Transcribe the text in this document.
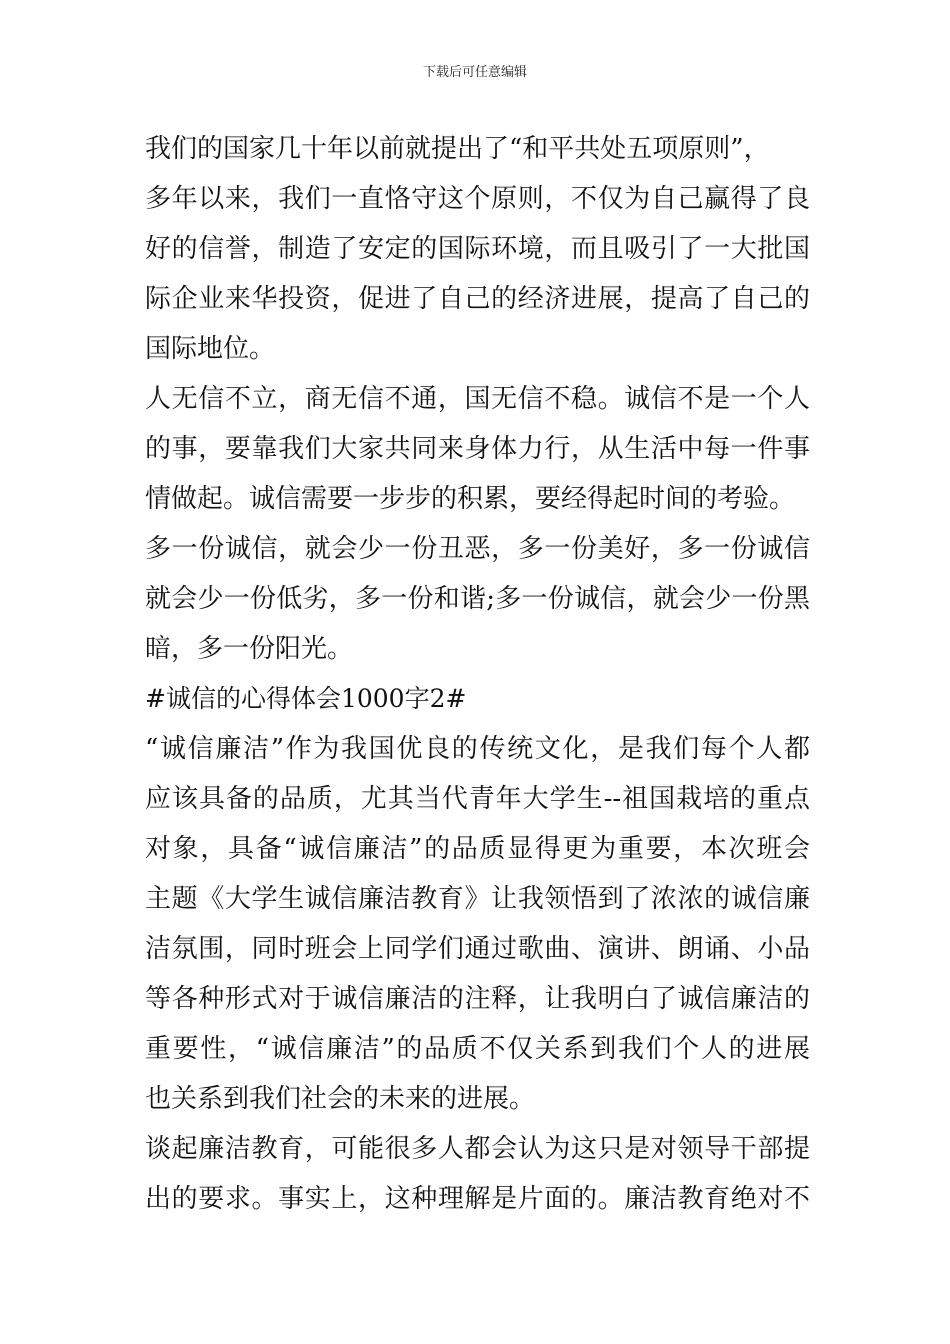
下载后可任意编辑
我们的国家几十年以前就提出了“和平共处五项原则”，
多年以来，我们一直恪守这个原则，不仅为自己赢得了良
好的信誉，制造了安定的国际环境，而且吸引了一大批国
际企业来华投资，促进了自己的经济进展，提高了自己的
国际地位。
人无信不立，商无信不通，国无信不稳。诚信不是一个人
的事，要靠我们大家共同来身体力行，从生活中每一件事
情做起。诚信需要一步步的积累，要经得起时间的考验。
多一份诚信，就会少一份丑恶，多一份美好，多一份诚信
就会少一份低劣，多一份和谐;多一份诚信，就会少一份黑
暗，多一份阳光。
#诚信的心得体会1000字2#
“诚信廉洁”作为我国优良的传统文化，是我们每个人都
应该具备的品质，尤其当代青年大学生--祖国栽培的重点
对象，具备“诚信廉洁”的品质显得更为重要，本次班会
主题《大学生诚信廉洁教育》让我领悟到了浓浓的诚信廉
洁氛围，同时班会上同学们通过歌曲、演讲、朗诵、小品
等各种形式对于诚信廉洁的注释，让我明白了诚信廉洁的
重要性，“诚信廉洁”的品质不仅关系到我们个人的进展
也关系到我们社会的未来的进展。
谈起廉洁教育，可能很多人都会认为这只是对领导干部提
出的要求。事实上，这种理解是片面的。廉洁教育绝对不
